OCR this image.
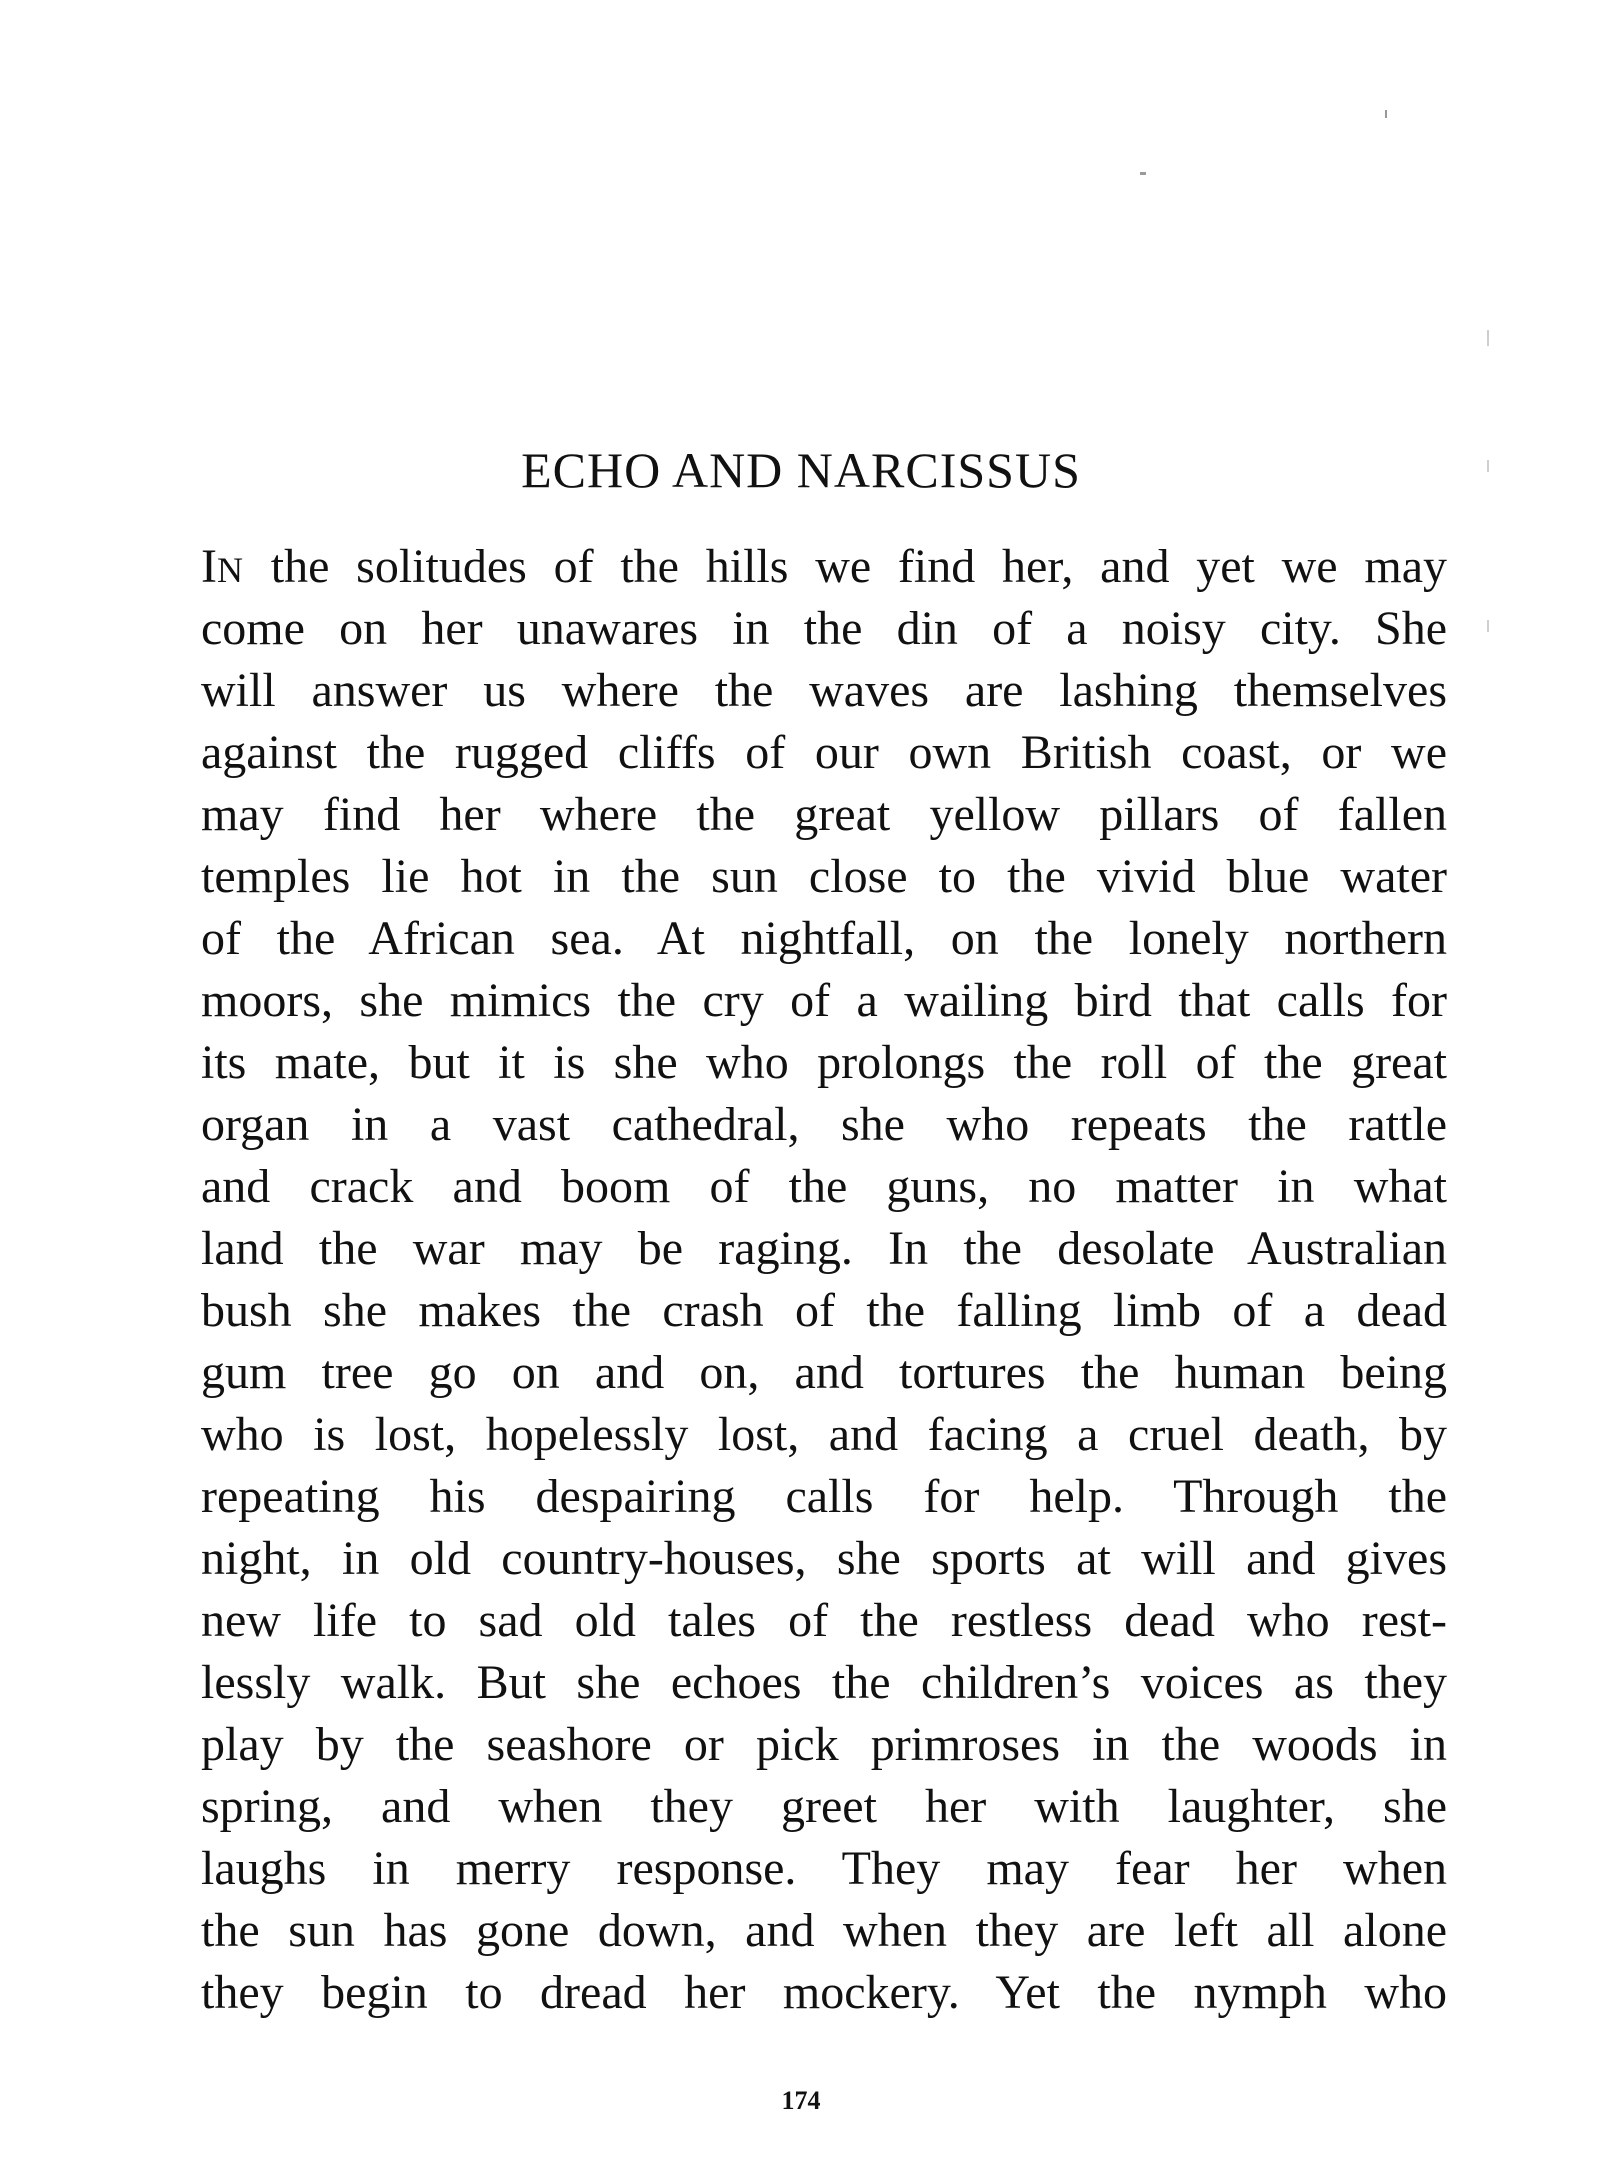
ECHO AND NARCISSUS
IN the solitudes of the hills we find her, and yet we may
come on her unawares in the din of a noisy city. She
will answer us where the waves are lashing themselves
against the rugged cliffs of our own British coast, or we
may find her where the great yellow pillars of fallen
temples lie hot in the sun close to the vivid blue water
of the African sea. At nightfall, on the lonely northern
moors, she mimics the cry of a wailing bird that calls for
its mate, but it is she who prolongs the roll of the great
organ in a vast cathedral, she who repeats the rattle
and crack and boom of the guns, no matter in what
land the war may be raging. In the desolate Australian
bush she makes the crash of the falling limb of a dead
gum tree go on and on, and tortures the human being
who is lost, hopelessly lost, and facing a cruel death, by
repeating his despairing calls for help. Through the
night, in old country-houses, she sports at will and gives
new life to sad old tales of the restless dead who rest-
lessly walk. But she echoes the children’s voices as they
play by the seashore or pick primroses in the woods in
spring, and when they greet her with laughter, she
laughs in merry response. They may fear her when
the sun has gone down, and when they are left all alone
they begin to dread her mockery. Yet the nymph who
174
